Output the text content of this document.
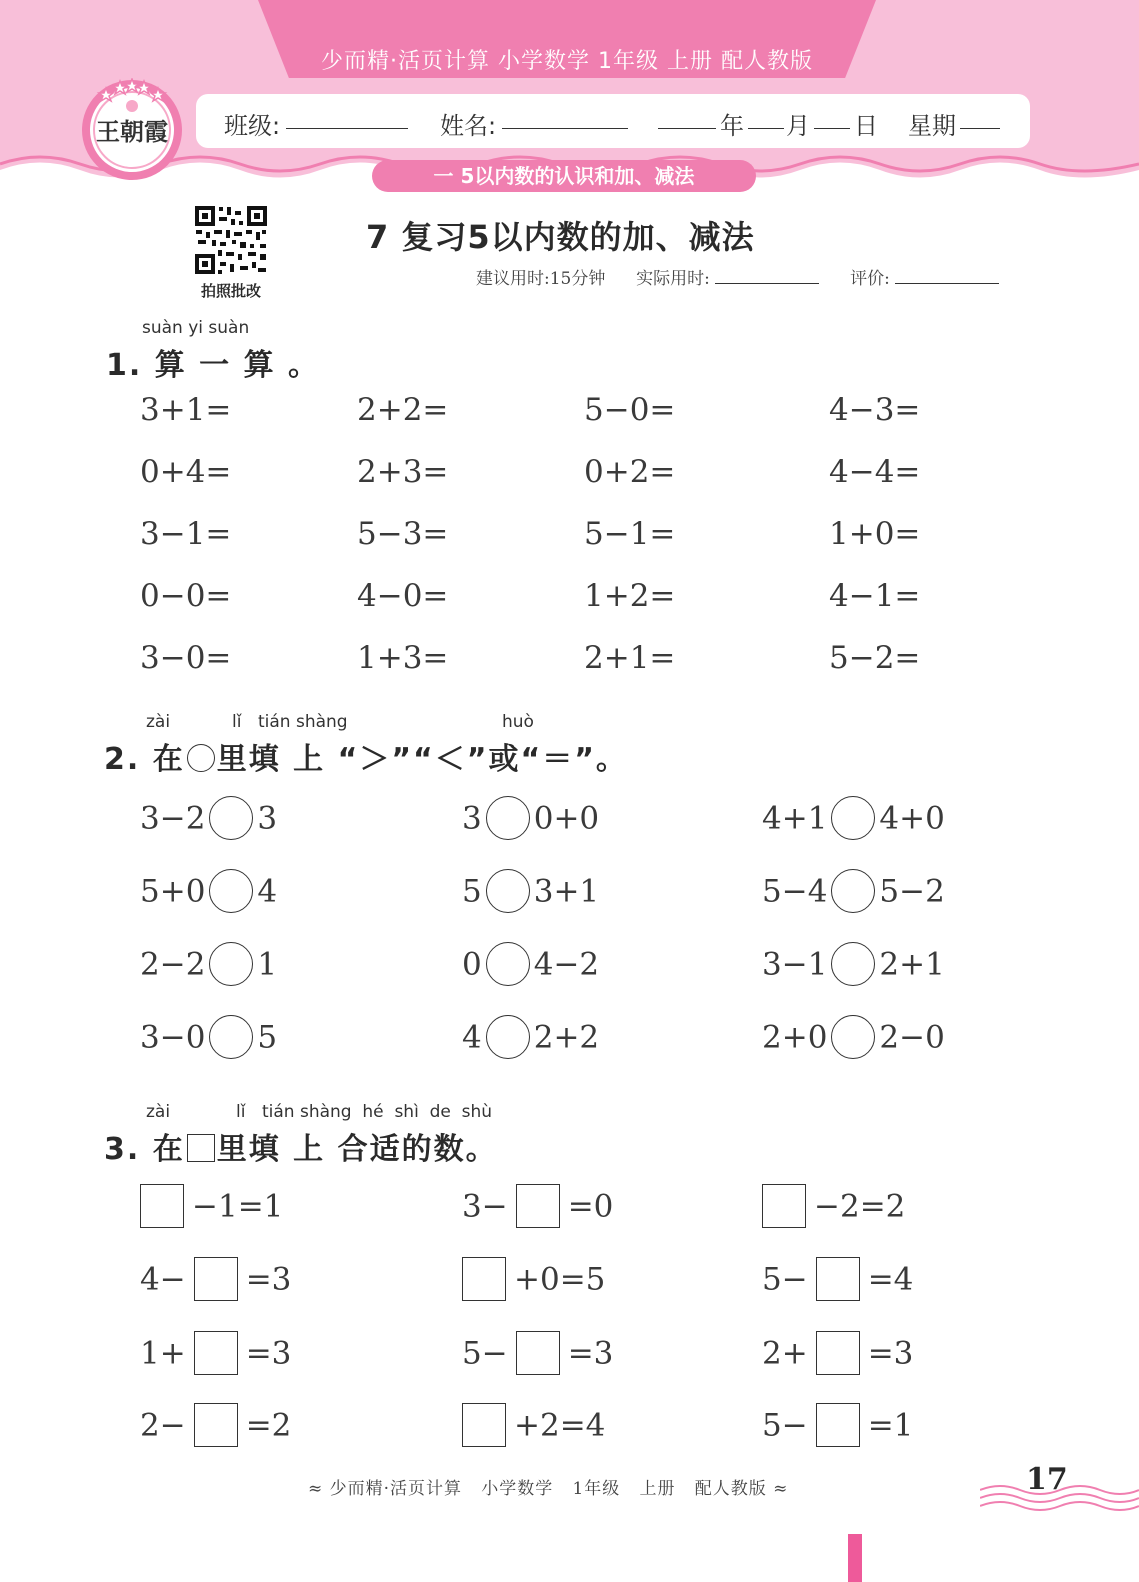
少而精·活页计算 小学数学 1年级 上册 配人教版
王朝霞 班级:	姓名:	年 月 日 星期
一 5以内数的认识和加、减法
拍照批改
7 复习5以内数的加、减法
建议用时:15分钟 实际用时:	评价:
suàn yi suàn
1. 算 一 算 。
3+1=	2+2=	5−0=	4−3=
0+4=	2+3=	0+2=	4−4=
3−1=	5−3=	5−1=	1+0=
0−0=	4−0=	1+2=	4−1=
3−0=	1+3=	2+1=	5−2=
zài	lǐ tián shàng	huò
2. 在 里填 上 “＞”“＜”或“＝”。
3−2 3	3 0+0	4+1 4+0
5+0 4	5 3+1	5−4 5−2
2−2 1	0 4−2	3−1 2+1
3−0 5	4 2+2	2+0 2−0
zài	lǐ tián shàng  hé  shì  de  shù
3. 在 里填 上 合适的数。
−1=1	3− =0	−2=2
4− =3	+0=5	5− =4
1+ =3	5− =3	2+ =3
2− =2	+2=4	5− =1
≈ 少而精·活页计算   小学数学   1年级   上册   配人教版 ≈	17
